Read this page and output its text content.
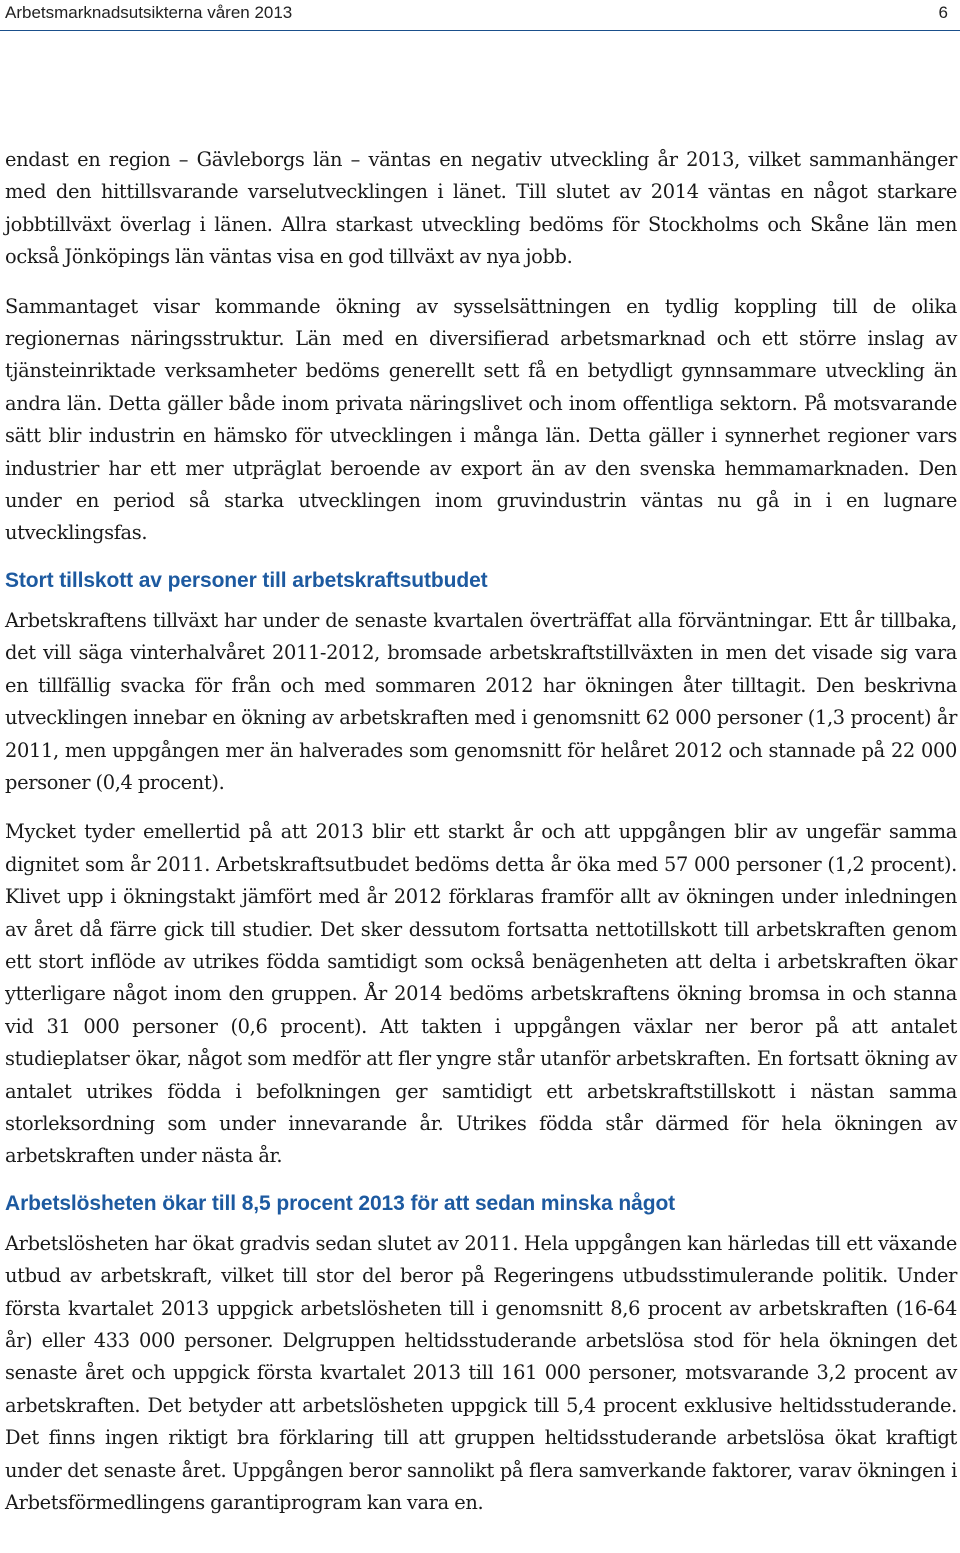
Arbetsmarknadsutsikterna våren 2013	6

endast en region – Gävleborgs län – väntas en negativ utveckling år 2013, vilket sammanhänger med den hittillsvarande varselutvecklingen i länet. Till slutet av 2014 väntas en något starkare jobbtillväxt överlag i länen. Allra starkast utveckling bedöms för Stockholms och Skåne län men också Jönköpings län väntas visa en god tillväxt av nya jobb.

Sammantaget visar kommande ökning av sysselsättningen en tydlig koppling till de olika regionernas näringsstruktur. Län med en diversifierad arbetsmarknad och ett större inslag av tjänsteinriktade verksamheter bedöms generellt sett få en betydligt gynnsammare utveckling än andra län. Detta gäller både inom privata näringslivet och inom offentliga sektorn. På motsvarande sätt blir industrin en hämsko för utvecklingen i många län. Detta gäller i synnerhet regioner vars industrier har ett mer utpräglat beroende av export än av den svenska hemmamarknaden. Den under en period så starka utvecklingen inom gruvindustrin väntas nu gå in i en lugnare utvecklingsfas.

Stort tillskott av personer till arbetskraftsutbudet

Arbetskraftens tillväxt har under de senaste kvartalen överträffat alla förväntningar. Ett år tillbaka, det vill säga vinterhalvåret 2011-2012, bromsade arbetskraftstillväxten in men det visade sig vara en tillfällig svacka för från och med sommaren 2012 har ökningen åter tilltagit. Den beskrivna utvecklingen innebar en ökning av arbetskraften med i genomsnitt 62 000 personer (1,3 procent) år 2011, men uppgången mer än halverades som genomsnitt för helåret 2012 och stannade på 22 000 personer (0,4 procent).

Mycket tyder emellertid på att 2013 blir ett starkt år och att uppgången blir av ungefär samma dignitet som år 2011. Arbetskraftsutbudet bedöms detta år öka med 57 000 personer (1,2 procent). Klivet upp i ökningstakt jämfört med år 2012 förklaras framför allt av ökningen under inledningen av året då färre gick till studier. Det sker dessutom fortsatta nettotillskott till arbetskraften genom ett stort inflöde av utrikes födda samtidigt som också benägenheten att delta i arbetskraften ökar ytterligare något inom den gruppen. År 2014 bedöms arbetskraftens ökning bromsa in och stanna vid 31 000 personer (0,6 procent). Att takten i uppgången växlar ner beror på att antalet studieplatser ökar, något som medför att fler yngre står utanför arbetskraften. En fortsatt ökning av antalet utrikes födda i befolkningen ger samtidigt ett arbetskraftstillskott i nästan samma storleksordning som under innevarande år. Utrikes födda står därmed för hela ökningen av arbetskraften under nästa år.

Arbetslösheten ökar till 8,5 procent 2013 för att sedan minska något

Arbetslösheten har ökat gradvis sedan slutet av 2011. Hela uppgången kan härledas till ett växande utbud av arbetskraft, vilket till stor del beror på Regeringens utbudsstimulerande politik. Under första kvartalet 2013 uppgick arbetslösheten till i genomsnitt 8,6 procent av arbetskraften (16-64 år) eller 433 000 personer. Delgruppen heltidsstuderande arbetslösa stod för hela ökningen det senaste året och uppgick första kvartalet 2013 till 161 000 personer, motsvarande 3,2 procent av arbetskraften. Det betyder att arbetslösheten uppgick till 5,4 procent exklusive heltidsstuderande. Det finns ingen riktigt bra förklaring till att gruppen heltidsstuderande arbetslösa ökat kraftigt under det senaste året. Uppgången beror sannolikt på flera samverkande faktorer, varav ökningen i Arbetsförmedlingens garantiprogram kan vara en.
